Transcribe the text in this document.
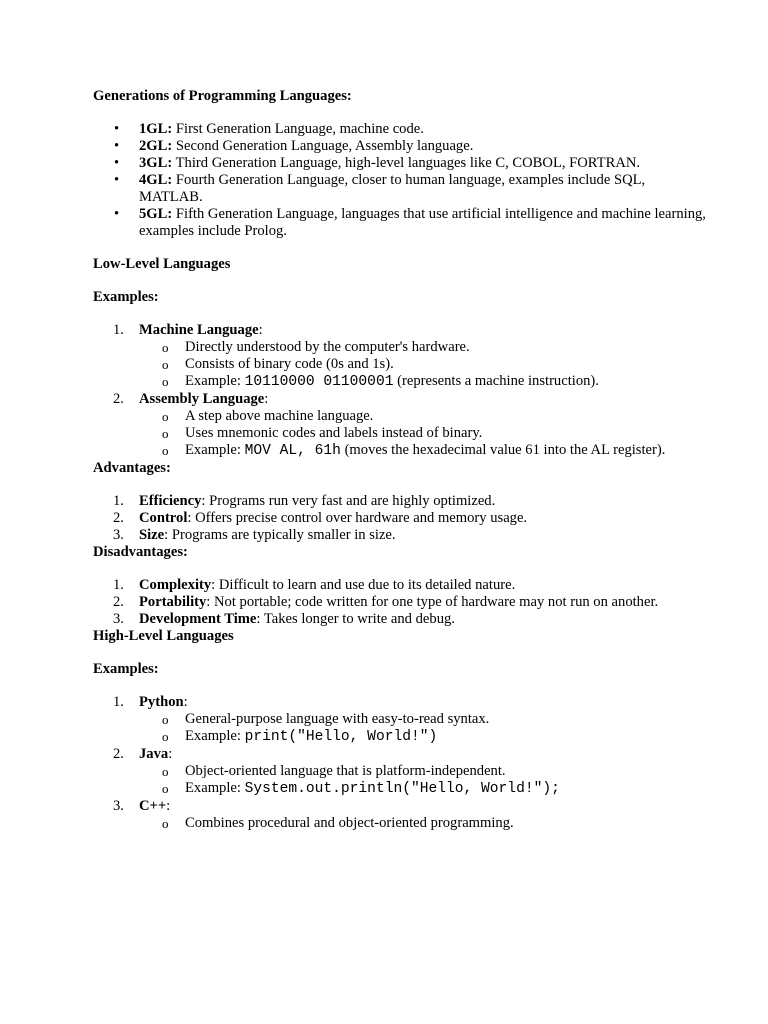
Generations of Programming Languages:

• 1GL: First Generation Language, machine code.
• 2GL: Second Generation Language, Assembly language.
• 3GL: Third Generation Language, high-level languages like C, COBOL, FORTRAN.
• 4GL: Fourth Generation Language, closer to human language, examples include SQL, MATLAB.
• 5GL: Fifth Generation Language, languages that use artificial intelligence and machine learning, examples include Prolog.

Low-Level Languages

Examples:

1. Machine Language:
o Directly understood by the computer's hardware.
o Consists of binary code (0s and 1s).
o Example: 10110000 01100001 (represents a machine instruction).
2. Assembly Language:
o A step above machine language.
o Uses mnemonic codes and labels instead of binary.
o Example: MOV AL, 61h (moves the hexadecimal value 61 into the AL register).

Advantages:

1. Efficiency: Programs run very fast and are highly optimized.
2. Control: Offers precise control over hardware and memory usage.
3. Size: Programs are typically smaller in size.

Disadvantages:

1. Complexity: Difficult to learn and use due to its detailed nature.
2. Portability: Not portable; code written for one type of hardware may not run on another.
3. Development Time: Takes longer to write and debug.

High-Level Languages

Examples:

1. Python:
o General-purpose language with easy-to-read syntax.
o Example: print("Hello, World!")
2. Java:
o Object-oriented language that is platform-independent.
o Example: System.out.println("Hello, World!");
3. C++:
o Combines procedural and object-oriented programming.
